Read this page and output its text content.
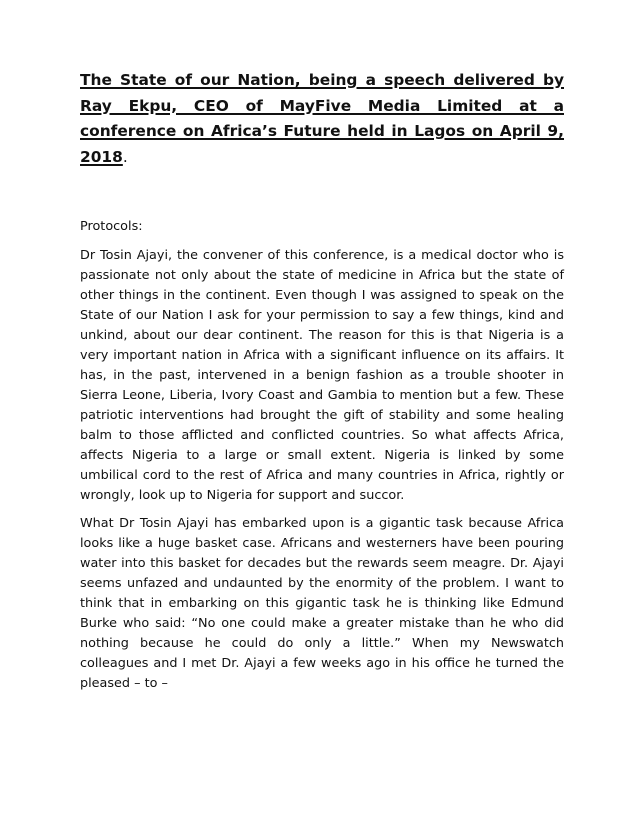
The State of our Nation, being a speech delivered by Ray Ekpu, CEO of MayFive Media Limited at a conference on Africa’s Future held in Lagos on April 9, 2018.

Protocols:

Dr Tosin Ajayi, the convener of this conference, is a medical doctor who is passionate not only about the state of medicine in Africa but the state of other things in the continent. Even though I was assigned to speak on the State of our Nation I ask for your permission to say a few things, kind and unkind, about our dear continent. The reason for this is that Nigeria is a very important nation in Africa with a significant influence on its affairs. It has, in the past, intervened in a benign fashion as a trouble shooter in Sierra Leone, Liberia, Ivory Coast and Gambia to mention but a few. These patriotic interventions had brought the gift of stability and some healing balm to those afflicted and conflicted countries. So what affects Africa, affects Nigeria to a large or small extent. Nigeria is linked by some umbilical cord to the rest of Africa and many countries in Africa, rightly or wrongly, look up to Nigeria for support and succor.

What Dr Tosin Ajayi has embarked upon is a gigantic task because Africa looks like a huge basket case. Africans and westerners have been pouring water into this basket for decades but the rewards seem meagre. Dr. Ajayi seems unfazed and undaunted by the enormity of the problem. I want to think that in embarking on this gigantic task he is thinking like Edmund Burke who said: “No one could make a greater mistake than he who did nothing because he could do only a little.” When my Newswatch colleagues and I met Dr. Ajayi a few weeks ago in his office he turned the pleased – to –
